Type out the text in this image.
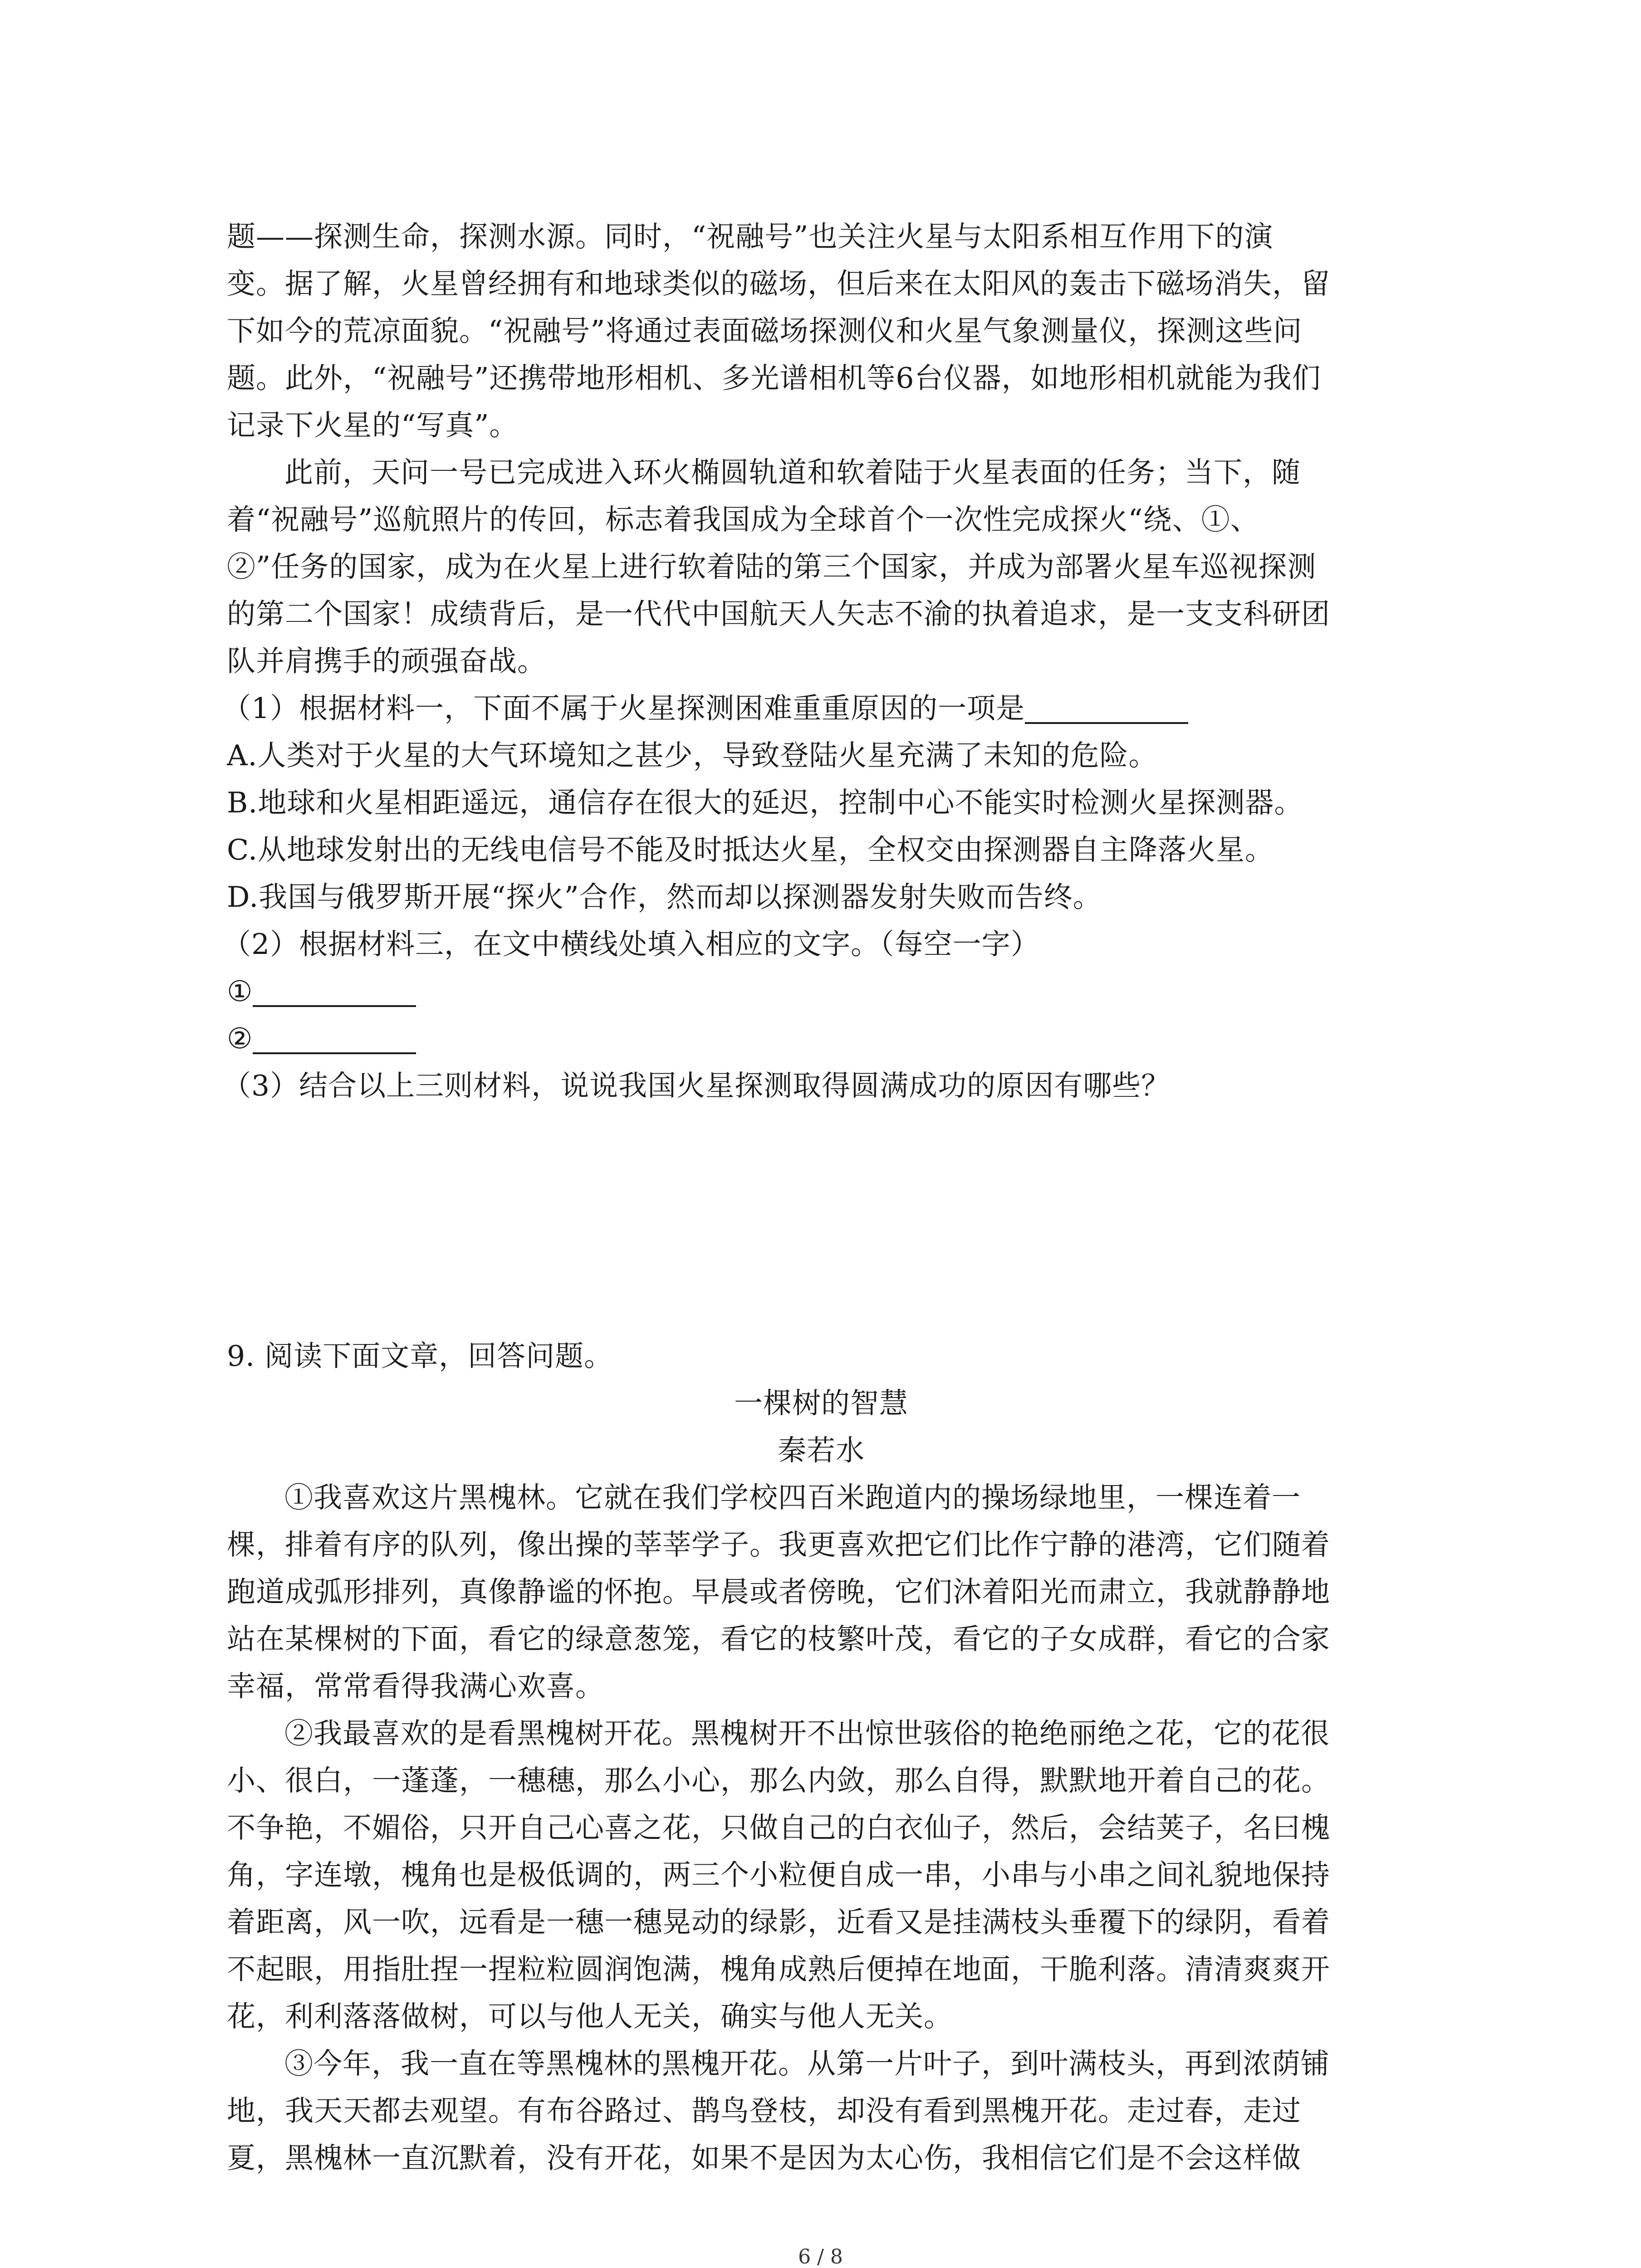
题——探测生命，探测水源。同时，“祝融号”也关注火星与太阳系相互作用下的演
变。据了解，火星曾经拥有和地球类似的磁场，但后来在太阳风的轰击下磁场消失，留
下如今的荒凉面貌。“祝融号”将通过表面磁场探测仪和火星气象测量仪，探测这些问
题。此外，“祝融号”还携带地形相机、多光谱相机等6台仪器，如地形相机就能为我们
记录下火星的“写真”。
此前，天问一号已完成进入环火椭圆轨道和软着陆于火星表面的任务；当下，随
着“祝融号”巡航照片的传回，标志着我国成为全球首个一次性完成探火“绕、①、
②”任务的国家，成为在火星上进行软着陆的第三个国家，并成为部署火星车巡视探测
的第二个国家！成绩背后，是一代代中国航天人矢志不渝的执着追求，是一支支科研团
队并肩携手的顽强奋战。
（1）根据材料一，下面不属于火星探测困难重重原因的一项是
A.人类对于火星的大气环境知之甚少，导致登陆火星充满了未知的危险。
B.地球和火星相距遥远，通信存在很大的延迟，控制中心不能实时检测火星探测器。
C.从地球发射出的无线电信号不能及时抵达火星，全权交由探测器自主降落火星。
D.我国与俄罗斯开展“探火”合作，然而却以探测器发射失败而告终。
（2）根据材料三，在文中横线处填入相应的文字。（每空一字）
①
②
（3）结合以上三则材料，说说我国火星探测取得圆满成功的原因有哪些？
9. 阅读下面文章，回答问题。
一棵树的智慧
秦若水
①我喜欢这片黑槐林。它就在我们学校四百米跑道内的操场绿地里，一棵连着一
棵，排着有序的队列，像出操的莘莘学子。我更喜欢把它们比作宁静的港湾，它们随着
跑道成弧形排列，真像静谧的怀抱。早晨或者傍晚，它们沐着阳光而肃立，我就静静地
站在某棵树的下面，看它的绿意葱笼，看它的枝繁叶茂，看它的子女成群，看它的合家
幸福，常常看得我满心欢喜。
②我最喜欢的是看黑槐树开花。黑槐树开不出惊世骇俗的艳绝丽绝之花，它的花很
小、很白，一蓬蓬，一穗穗，那么小心，那么内敛，那么自得，默默地开着自己的花。
不争艳，不媚俗，只开自己心喜之花，只做自己的白衣仙子，然后，会结荚子，名曰槐
角，字连墩，槐角也是极低调的，两三个小粒便自成一串，小串与小串之间礼貌地保持
着距离，风一吹，远看是一穗一穗晃动的绿影，近看又是挂满枝头垂覆下的绿阴，看着
不起眼，用指肚捏一捏粒粒圆润饱满，槐角成熟后便掉在地面，干脆利落。清清爽爽开
花，利利落落做树，可以与他人无关，确实与他人无关。
③今年，我一直在等黑槐林的黑槐开花。从第一片叶子，到叶满枝头，再到浓荫铺
地，我天天都去观望。有布谷路过、鹊鸟登枝，却没有看到黑槐开花。走过春，走过
夏，黑槐林一直沉默着，没有开花，如果不是因为太心伤，我相信它们是不会这样做
6 / 8
